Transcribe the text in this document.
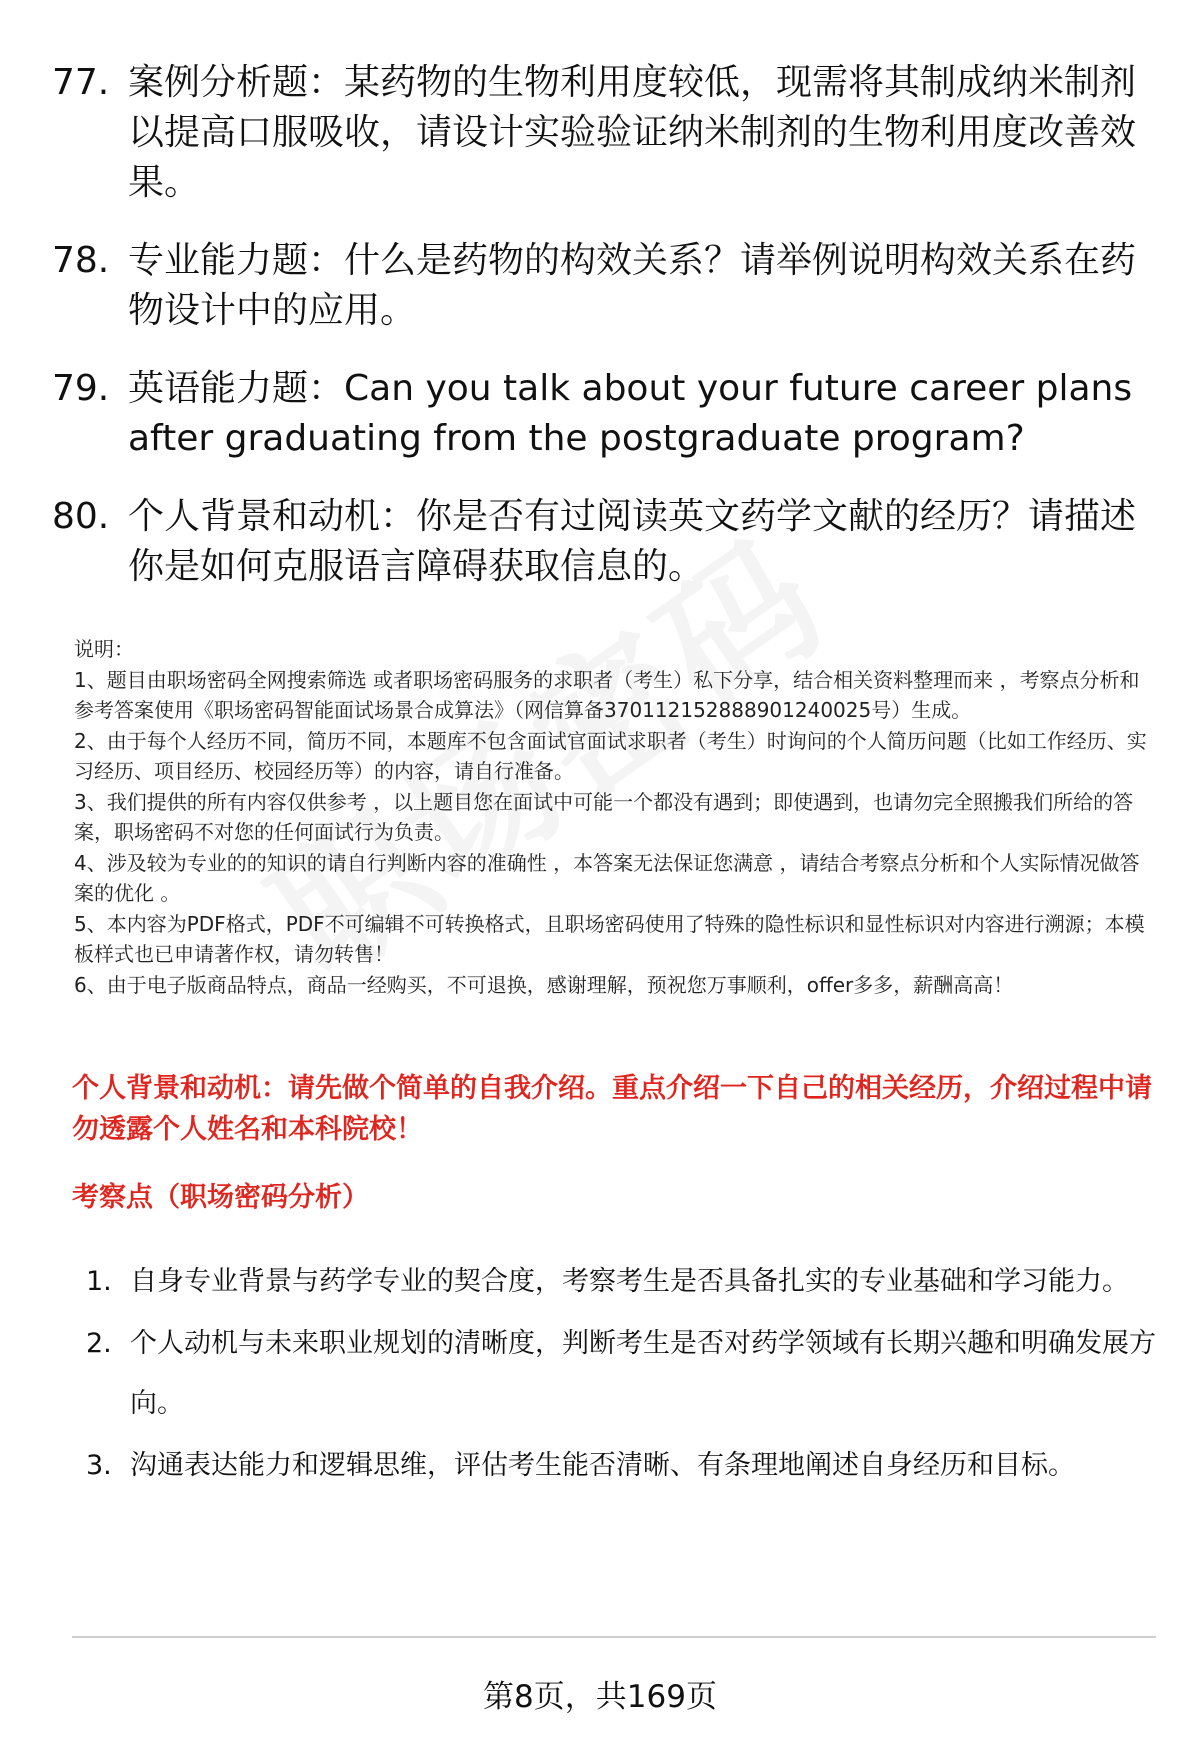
77. 案例分析题：某药物的生物利用度较低，现需将其制成纳米制剂以提高口服吸收，请设计实验验证纳米制剂的生物利用度改善效果。
78. 专业能力题：什么是药物的构效关系？请举例说明构效关系在药物设计中的应用。
79. 英语能力题：Can you talk about your future career plans after graduating from the postgraduate program?
80. 个人背景和动机：你是否有过阅读英文药学文献的经历？请描述你是如何克服语言障碍获取信息的。

说明：

1、题目由职场密码全网搜索筛选 或者职场密码服务的求职者（考生）私下分享，结合相关资料整理而来 ，考察点分析和参考答案使用《职场密码智能面试场景合成算法》（网信算备370112152888901240025号）生成。

2、由于每个人经历不同，简历不同，本题库不包含面试官面试求职者（考生）时询问的个人简历问题（比如工作经历、实习经历、项目经历、校园经历等）的内容，请自行准备。

3、我们提供的所有内容仅供参考 ，以上题目您在面试中可能一个都没有遇到；即使遇到，也请勿完全照搬我们所给的答案，职场密码不对您的任何面试行为负责。

4、涉及较为专业的的知识的请自行判断内容的准确性 ，本答案无法保证您满意 ，请结合考察点分析和个人实际情况做答案的优化 。

5、本内容为PDF格式，PDF不可编辑不可转换格式，且职场密码使用了特殊的隐性标识和显性标识对内容进行溯源；本模板样式也已申请著作权，请勿转售！

6、由于电子版商品特点，商品一经购买，不可退换，感谢理解，预祝您万事顺利，offer多多，薪酬高高！

个人背景和动机：请先做个简单的自我介绍。重点介绍一下自己的相关经历，介绍过程中请勿透露个人姓名和本科院校！
考察点（职场密码分析）
1. 自身专业背景与药学专业的契合度，考察考生是否具备扎实的专业基础和学习能力。
2. 个人动机与未来职业规划的清晰度，判断考生是否对药学领域有长期兴趣和明确发展方向。
3. 沟通表达能力和逻辑思维，评估考生能否清晰、有条理地阐述自身经历和目标。
第8页，共169页
